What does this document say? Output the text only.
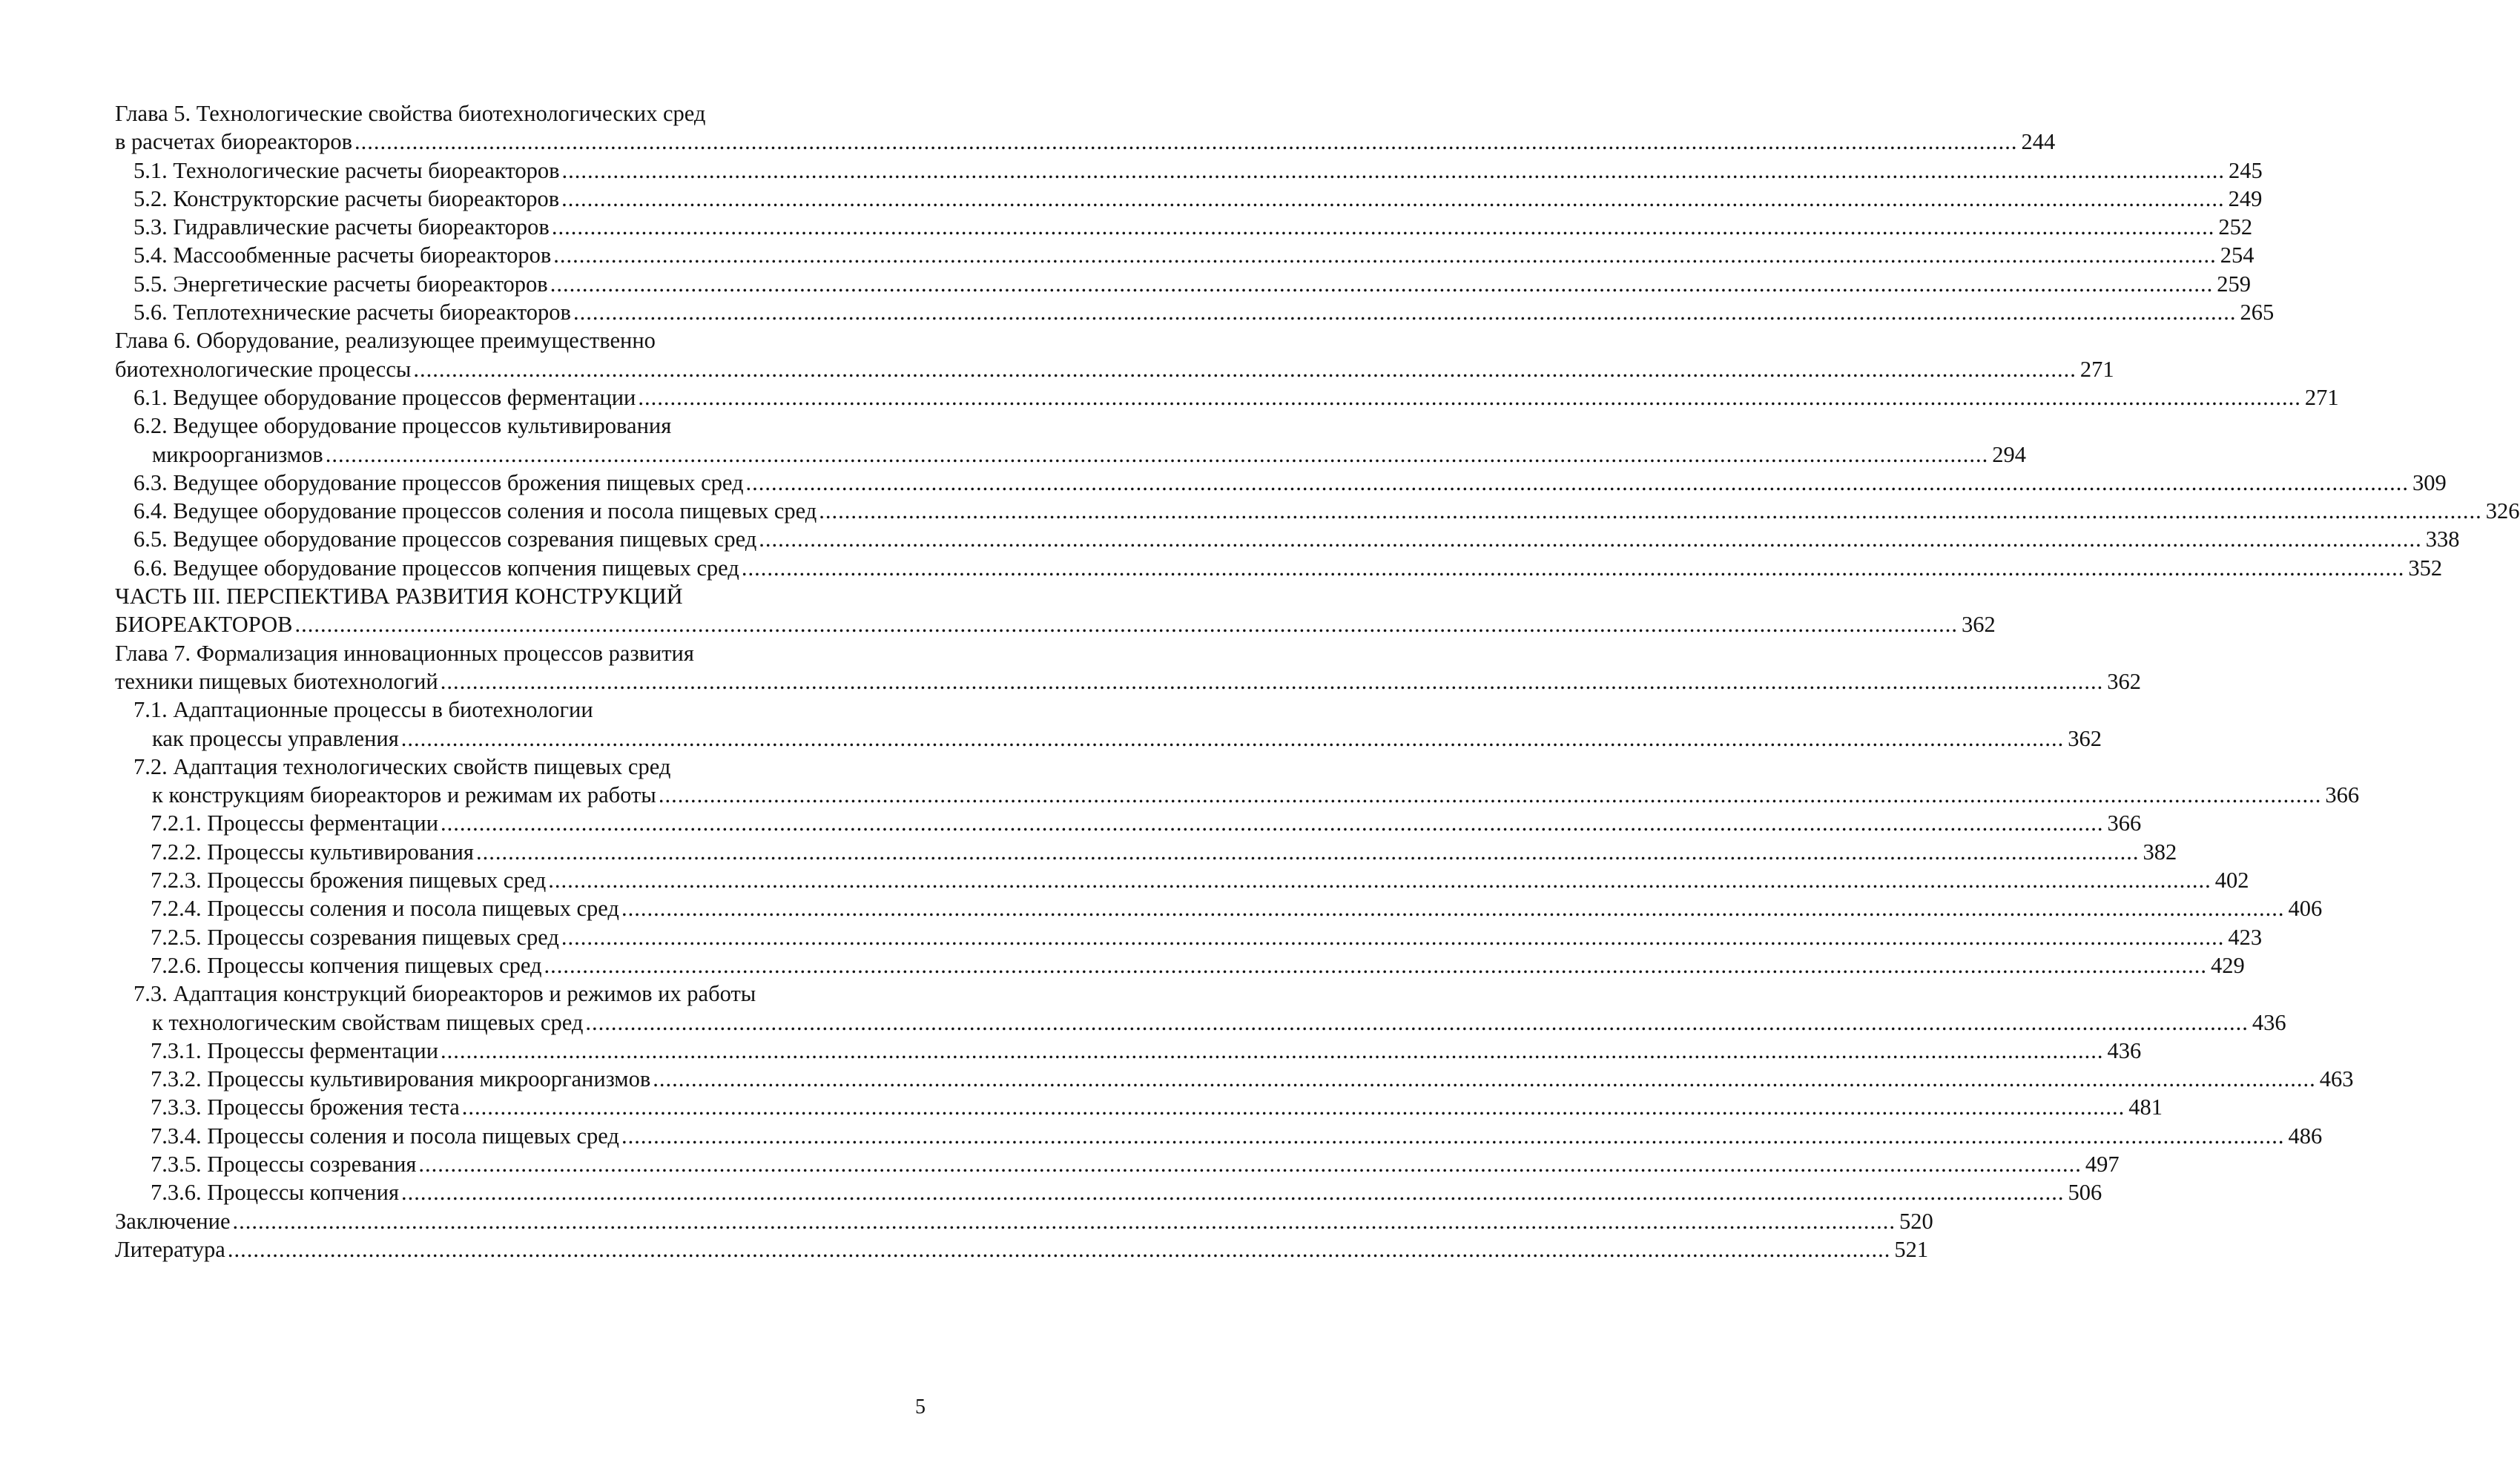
Глава 5. Технологические свойства биотехнологических сред
в расчетах биореакторов .................................................................................................................................................................................................................................................................... 244
5.1. Технологические расчеты биореакторов .................................................................................................................................................................................................................................................................... 245
5.2. Конструкторские расчеты биореакторов .................................................................................................................................................................................................................................................................... 249
5.3. Гидравлические расчеты биореакторов .................................................................................................................................................................................................................................................................... 252
5.4. Массообменные расчеты биореакторов .................................................................................................................................................................................................................................................................... 254
5.5. Энергетические расчеты биореакторов .................................................................................................................................................................................................................................................................... 259
5.6. Теплотехнические расчеты биореакторов .................................................................................................................................................................................................................................................................... 265
Глава 6. Оборудование, реализующее преимущественно
биотехнологические процессы .................................................................................................................................................................................................................................................................... 271
6.1. Ведущее оборудование процессов ферментации .................................................................................................................................................................................................................................................................... 271
6.2. Ведущее оборудование процессов культивирования
микроорганизмов .................................................................................................................................................................................................................................................................... 294
6.3. Ведущее оборудование процессов брожения пищевых сред .................................................................................................................................................................................................................................................................... 309
6.4. Ведущее оборудование процессов соления и посола пищевых сред .................................................................................................................................................................................................................................................................... 326
6.5. Ведущее оборудование процессов созревания пищевых сред .................................................................................................................................................................................................................................................................... 338
6.6. Ведущее оборудование процессов копчения пищевых сред .................................................................................................................................................................................................................................................................... 352
ЧАСТЬ III. ПЕРСПЕКТИВА РАЗВИТИЯ КОНСТРУКЦИЙ
БИОРЕАКТОРОВ .................................................................................................................................................................................................................................................................... 362
Глава 7. Формализация инновационных процессов развития
техники пищевых биотехнологий .................................................................................................................................................................................................................................................................... 362
7.1. Адаптационные процессы в биотехнологии
как процессы управления .................................................................................................................................................................................................................................................................... 362
7.2. Адаптация технологических свойств пищевых сред
к конструкциям биореакторов и режимам их работы .................................................................................................................................................................................................................................................................... 366
7.2.1. Процессы ферментации .................................................................................................................................................................................................................................................................... 366
7.2.2. Процессы культивирования .................................................................................................................................................................................................................................................................... 382
7.2.3. Процессы брожения пищевых сред .................................................................................................................................................................................................................................................................... 402
7.2.4. Процессы соления и посола пищевых сред .................................................................................................................................................................................................................................................................... 406
7.2.5. Процессы созревания пищевых сред .................................................................................................................................................................................................................................................................... 423
7.2.6. Процессы копчения пищевых сред .................................................................................................................................................................................................................................................................... 429
7.3. Адаптация конструкций биореакторов и режимов их работы
к технологическим свойствам пищевых сред .................................................................................................................................................................................................................................................................... 436
7.3.1. Процессы ферментации .................................................................................................................................................................................................................................................................... 436
7.3.2. Процессы культивирования микроорганизмов .................................................................................................................................................................................................................................................................... 463
7.3.3. Процессы брожения теста .................................................................................................................................................................................................................................................................... 481
7.3.4. Процессы соления и посола пищевых сред .................................................................................................................................................................................................................................................................... 486
7.3.5. Процессы созревания .................................................................................................................................................................................................................................................................... 497
7.3.6. Процессы копчения .................................................................................................................................................................................................................................................................... 506
Заключение .................................................................................................................................................................................................................................................................... 520
Литература .................................................................................................................................................................................................................................................................... 521
5
